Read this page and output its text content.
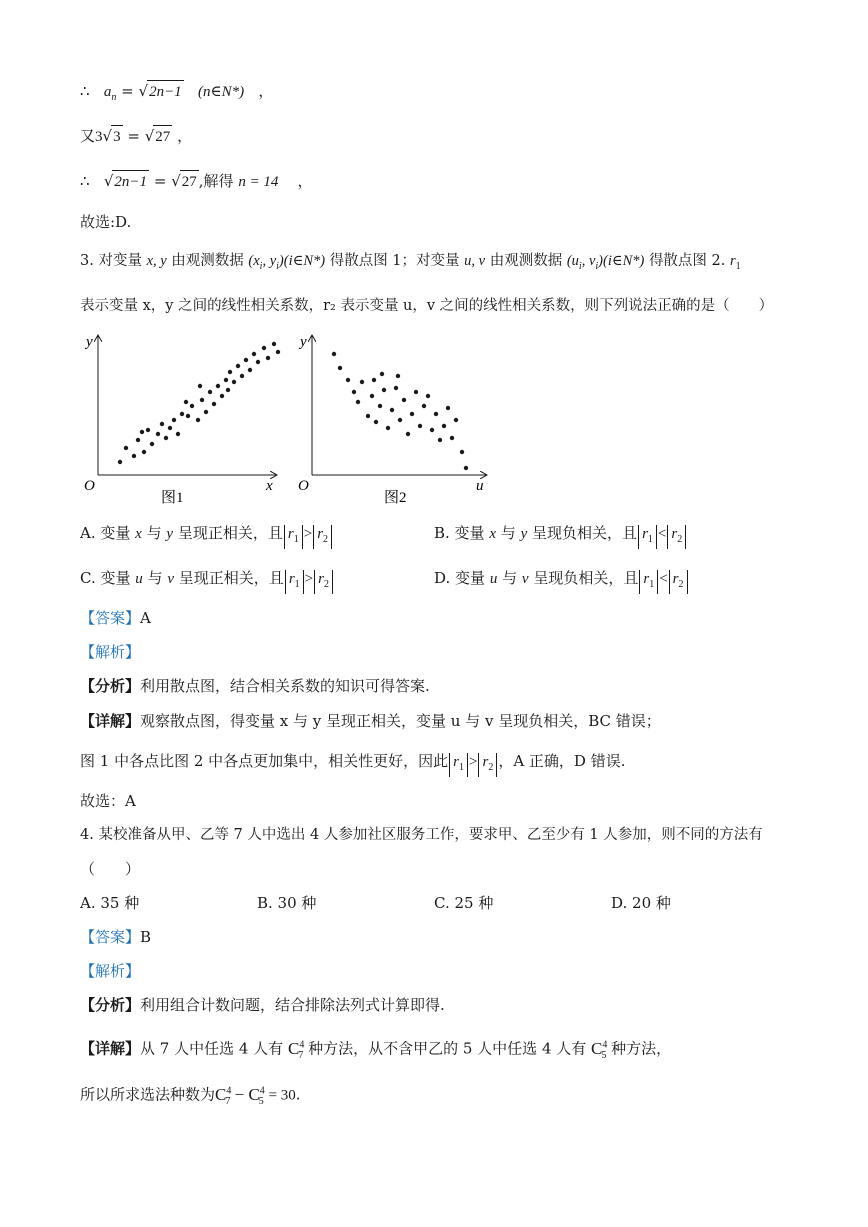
∴ $a_n = √2n-1$ (n∈N*) ，
又3√3 = √27 ，
∴ √2n−1 = √27 ,解得 n = 14 ，
故选:D.
3. 对变量 x, y 由观测数据 ($x_i$, $y_i)(i\in N*)$ 得散点图 1；对变量 u, v 由观测数据 ($u_i$, $v_i)(i\in N*)$ 得散点图 2. $r_1$
表示变量 x，y 之间的线性相关系数，r₂ 表示变量 u，v 之间的线性相关系数，则下列说法正确的是（　　）
y
x
O
图1
y
u
O
图2
A. 变量 x 与 y 呈现正相关，且 $r_1 > r_2$	B. 变量 x 与 y 呈现负相关，且 $r_1 < r_2$
C. 变量 u 与 v 呈现正相关，且 $r_1 > r_2$	D. 变量 u 与 v 呈现负相关，且 $r_1 < r_2$
【答案】A
【解析】
【分析】利用散点图，结合相关系数的知识可得答案.
【详解】观察散点图，得变量 x 与 y 呈现正相关，变量 u 与 v 呈现负相关，BC 错误；
图 1 中各点比图 2 中各点更加集中，相关性更好，因此 $r_1 > r_2$ ，A 正确，D 错误.
故选：A
4. 某校准备从甲、乙等 7 人中选出 4 人参加社区服务工作，要求甲、乙至少有 1 人参加，则不同的方法有
（　　）
A. 35 种	B. 30 种	C. 25 种	D. 20 种
【答案】B
【解析】
【分析】利用组合计数问题，结合排除法列式计算即得.
【详解】从 7 人中任选 4 人有 $C^4_7$ 种方法，从不含甲乙的 5 人中任选 4 人有 $C^4_5$ 种方法，
所以所求选法种数为$C^4_7 - C^4_5 = 30$.
